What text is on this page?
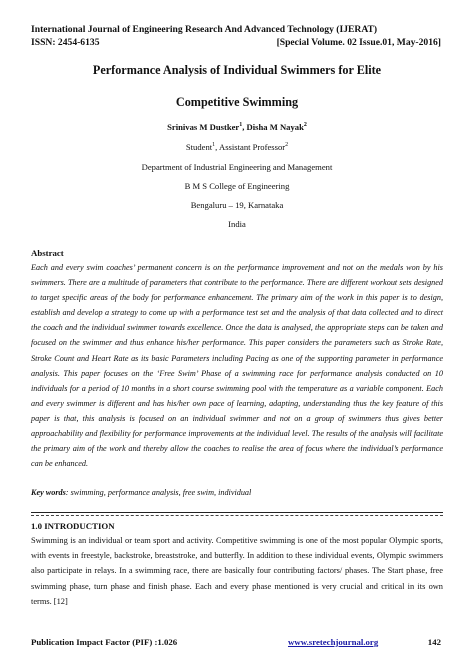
International Journal of Engineering Research And Advanced Technology (IJERAT)
ISSN: 2454-6135	[Special Volume. 02 Issue.01, May-2016]
Performance Analysis of Individual Swimmers for Elite
Competitive Swimming
Srinivas M Dustker$^1$, Disha M Nayak$^2$
Student$^1$, Assistant Professor$^2$
Department of Industrial Engineering and Management
B M S College of Engineering
Bengaluru – 19, Karnataka
India
Abstract
Each and every swim coaches’ permanent concern is on the performance improvement and not on the medals won by his swimmers. There are a multitude of parameters that contribute to the performance. There are different workout sets designed to target specific areas of the body for performance enhancement. The primary aim of the work in this paper is to design, establish and develop a strategy to come up with a performance test set and the analysis of that data collected and to direct the coach and the individual swimmer towards excellence. Once the data is analysed, the appropriate steps can be taken and focused on the swimmer and thus enhance his/her performance. This paper considers the parameters such as Stroke Rate, Stroke Count and Heart Rate as its basic Parameters including Pacing as one of the supporting parameter in performance analysis. This paper focuses on the ‘Free Swim’ Phase of a swimming race for performance analysis conducted on 10 individuals for a period of 10 months in a short course swimming pool with the temperature as a variable component. Each and every swimmer is different and has his/her own pace of learning, adapting, understanding thus the key feature of this paper is that, this analysis is focused on an individual swimmer and not on a group of swimmers thus gives better approachability and flexibility for performance improvements at the individual level. The results of the analysis will facilitate the primary aim of the work and thereby allow the coaches to realise the area of focus where the individual’s performance can be enhanced.
Key words: swimming, performance analysis, free swim, individual
1.0 INTRODUCTION
Swimming is an individual or team sport and activity. Competitive swimming is one of the most popular Olympic sports, with events in freestyle, backstroke, breaststroke, and butterfly. In addition to these individual events, Olympic swimmers also participate in relays. In a swimming race, there are basically four contributing factors/ phases. The Start phase, free swimming phase, turn phase and finish phase. Each and every phase mentioned is very crucial and critical in its own terms. [12]
Publication Impact Factor (PIF) :1.026	www.sretechjournal.org	142
